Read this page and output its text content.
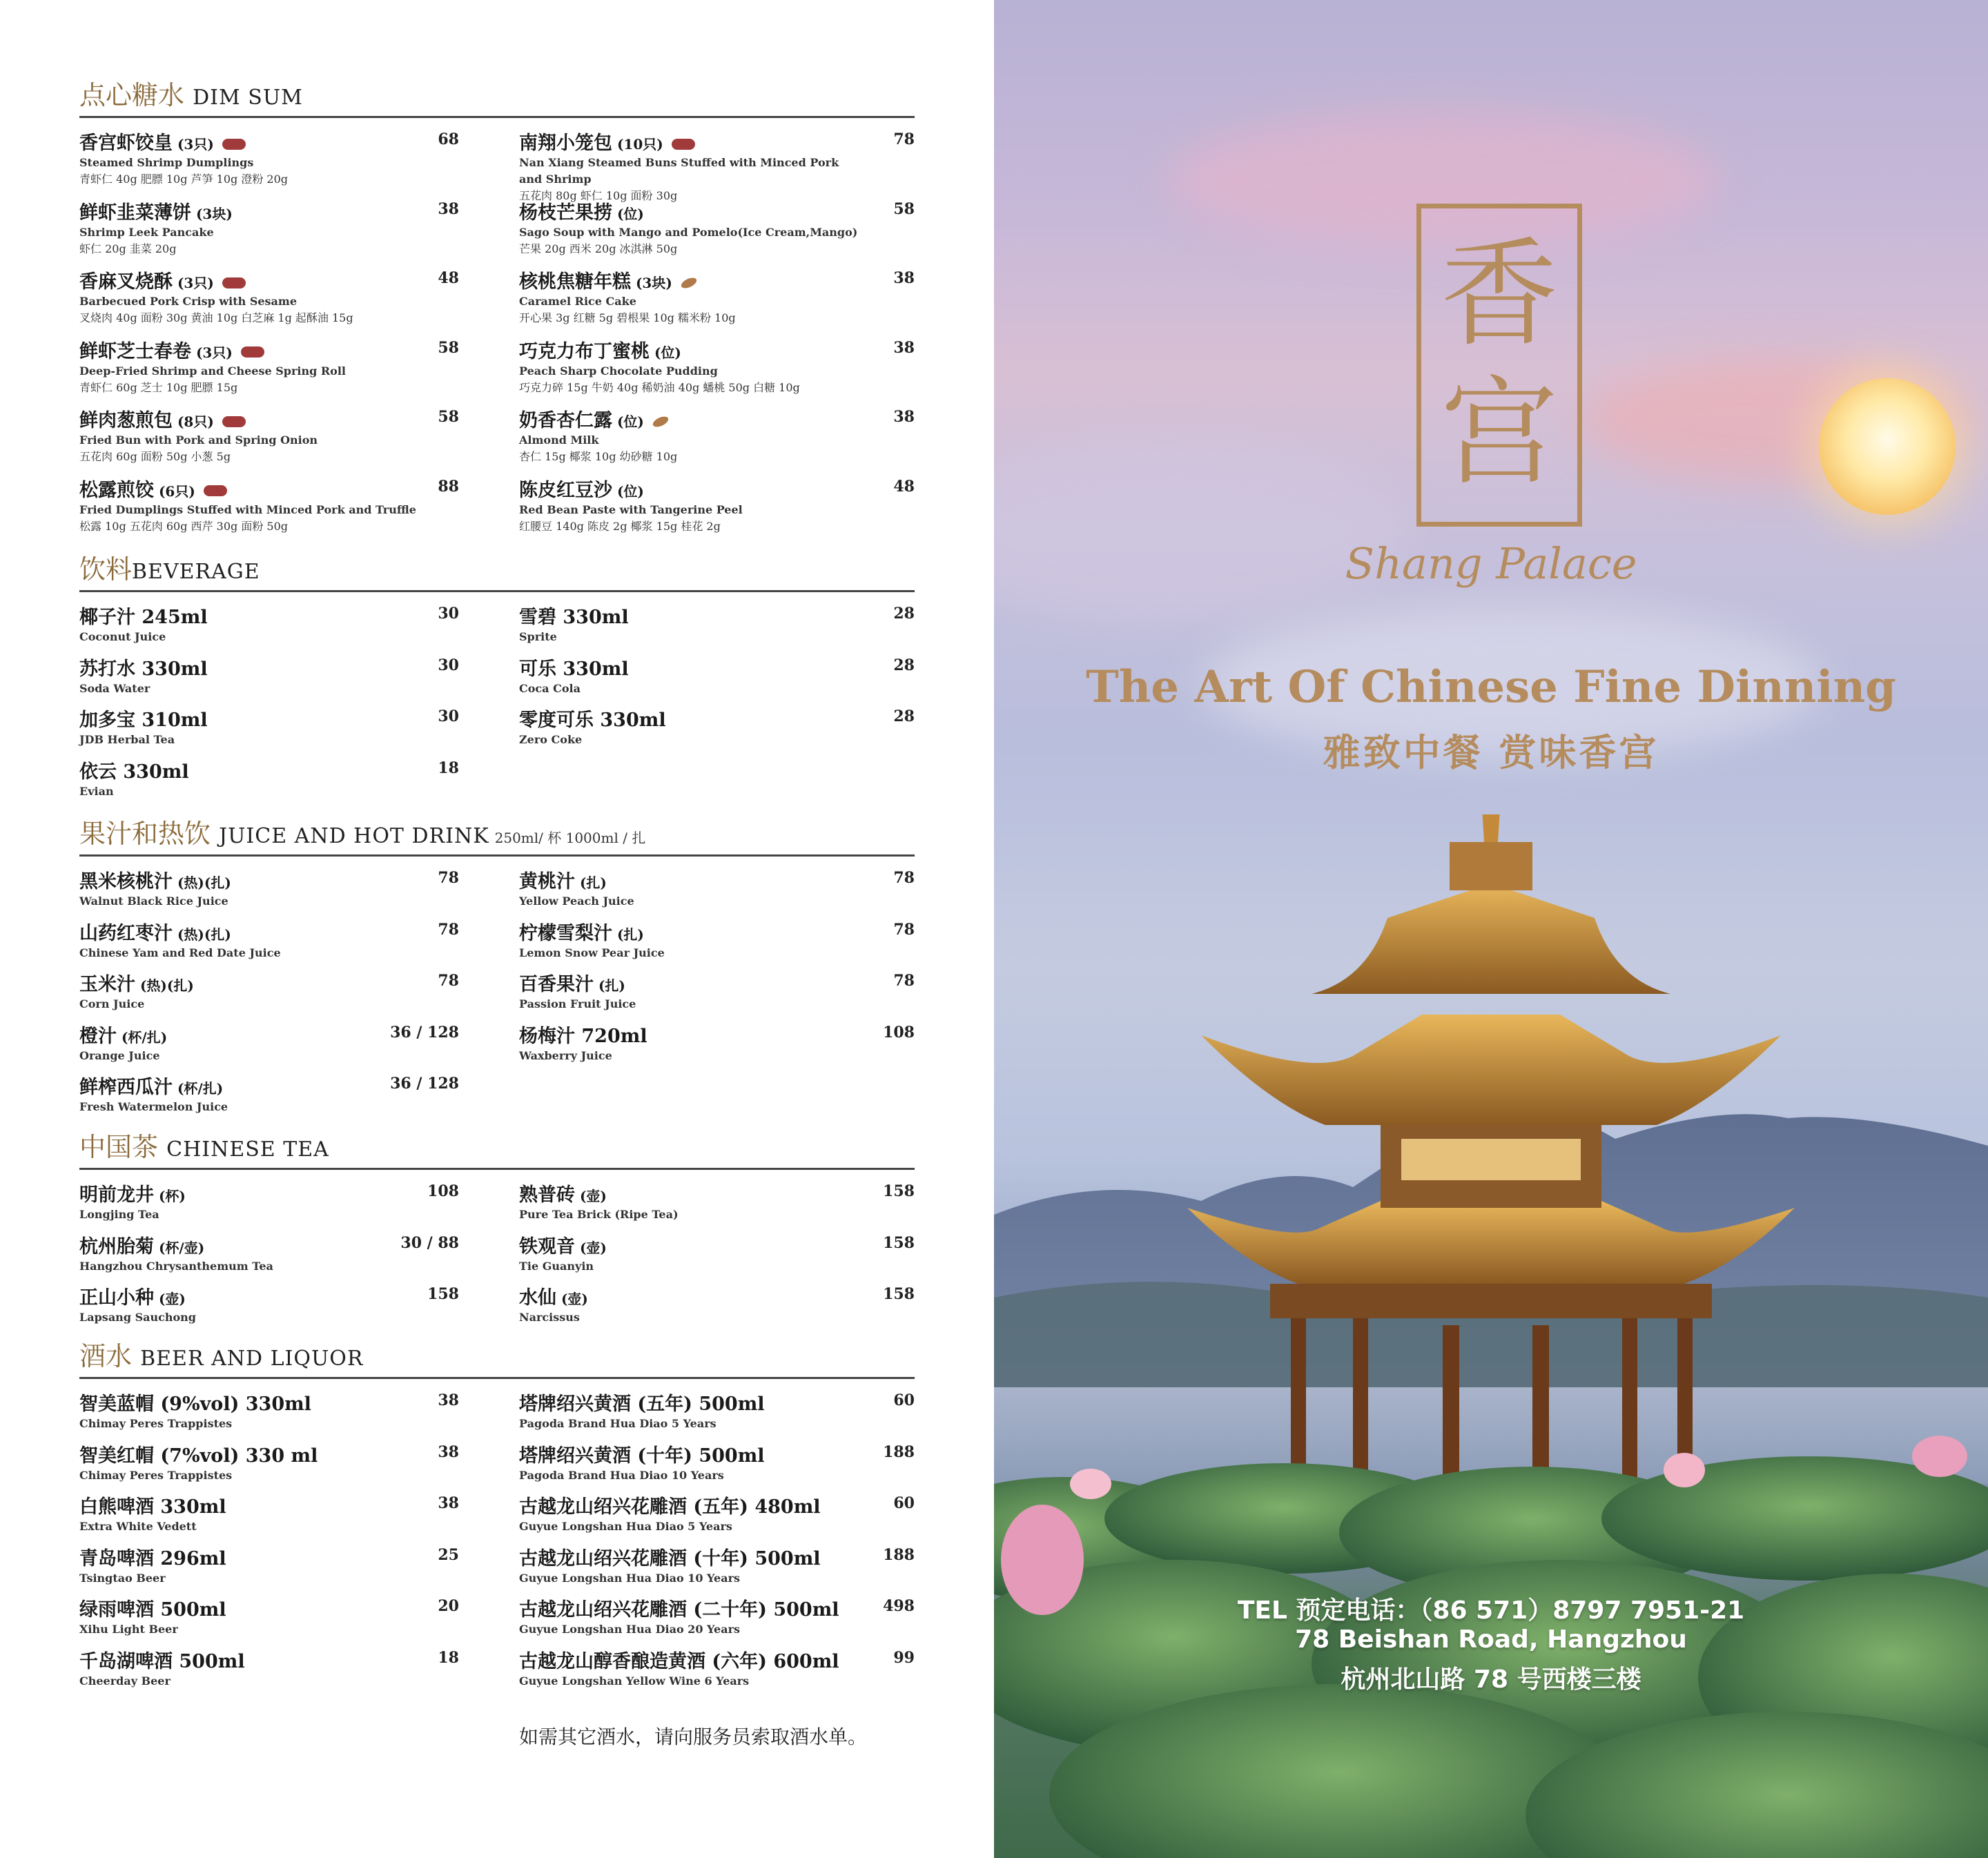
点心糖水 DIM SUM
香宫虾饺皇 (3只)
Steamed Shrimp Dumplings
青虾仁 40g 肥膘 10g 芦笋 10g 澄粉 20g
68
鲜虾韭菜薄饼 (3块)
Shrimp Leek Pancake
虾仁 20g 韭菜 20g
38
香麻叉烧酥 (3只)
Barbecued Pork Crisp with Sesame
叉烧肉 40g 面粉 30g 黄油 10g 白芝麻 1g 起酥油 15g
48
鲜虾芝士春卷 (3只)
Deep-Fried Shrimp and Cheese Spring Roll
青虾仁 60g 芝士 10g 肥膘 15g
58
鲜肉葱煎包 (8只)
Fried Bun with Pork and Spring Onion
五花肉 60g 面粉 50g 小葱 5g
58
松露煎饺 (6只)
Fried Dumplings Stuffed with Minced Pork and Truffle
松露 10g 五花肉 60g 西芹 30g 面粉 50g
88
南翔小笼包 (10只)
Nan Xiang Steamed Buns Stuffed with Minced Pork
and Shrimp
五花肉 80g 虾仁 10g 面粉 30g
78
杨枝芒果捞 (位)
Sago Soup with Mango and Pomelo(Ice Cream,Mango)
芒果 20g 西米 20g 冰淇淋 50g
58
核桃焦糖年糕 (3块)
Caramel Rice Cake
开心果 3g 红糖 5g 碧根果 10g 糯米粉 10g
38
巧克力布丁蜜桃 (位)
Peach Sharp Chocolate Pudding
巧克力碎 15g 牛奶 40g 稀奶油 40g 蟠桃 50g 白糖 10g
38
奶香杏仁露 (位)
Almond Milk
杏仁 15g 椰浆 10g 幼砂糖 10g
38
陈皮红豆沙 (位)
Red Bean Paste with Tangerine Peel
红腰豆 140g 陈皮 2g 椰浆 15g 桂花 2g
48
饮料BEVERAGE
椰子汁 245ml
Coconut Juice
30
苏打水 330ml
Soda Water
30
加多宝 310ml
JDB Herbal Tea
30
依云 330ml
Evian
18
雪碧 330ml
Sprite
28
可乐 330ml
Coca Cola
28
零度可乐 330ml
Zero Coke
28
果汁和热饮 JUICE AND HOT DRINK 250ml/ 杯 1000ml / 扎
黑米核桃汁 (热)(扎)
Walnut Black Rice Juice
78
山药红枣汁 (热)(扎)
Chinese Yam and Red Date Juice
78
玉米汁 (热)(扎)
Corn Juice
78
橙汁 (杯/扎)
Orange Juice
36 / 128
鲜榨西瓜汁 (杯/扎)
Fresh Watermelon Juice
36 / 128
黄桃汁 (扎)
Yellow Peach Juice
78
柠檬雪梨汁 (扎)
Lemon Snow Pear Juice
78
百香果汁 (扎)
Passion Fruit Juice
78
杨梅汁 720ml
Waxberry Juice
108
中国茶 CHINESE TEA
明前龙井 (杯)
Longjing Tea
108
杭州胎菊 (杯/壶)
Hangzhou Chrysanthemum Tea
30 / 88
正山小种 (壶)
Lapsang Sauchong
158
熟普砖 (壶)
Pure Tea Brick (Ripe Tea)
158
铁观音 (壶)
Tie Guanyin
158
水仙 (壶)
Narcissus
158
酒水 BEER AND LIQUOR
智美蓝帽 (9%vol) 330ml
Chimay Peres Trappistes
38
智美红帽 (7%vol) 330 ml
Chimay Peres Trappistes
38
白熊啤酒 330ml
Extra White Vedett
38
青岛啤酒 296ml
Tsingtao Beer
25
绿雨啤酒 500ml
Xihu Light Beer
20
千岛湖啤酒 500ml
Cheerday Beer
18
塔牌绍兴黄酒 (五年) 500ml
Pagoda Brand Hua Diao 5 Years
60
塔牌绍兴黄酒 (十年) 500ml
Pagoda Brand Hua Diao 10 Years
188
古越龙山绍兴花雕酒 (五年) 480ml
Guyue Longshan Hua Diao 5 Years
60
古越龙山绍兴花雕酒 (十年) 500ml
Guyue Longshan Hua Diao 10 Years
188
古越龙山绍兴花雕酒 (二十年) 500ml
Guyue Longshan Hua Diao 20 Years
498
古越龙山醇香酿造黄酒 (六年) 600ml
Guyue Longshan Yellow Wine 6 Years
99
如需其它酒水，请向服务员索取酒水单。
香
宫
Shang Palace
The Art Of Chinese Fine Dinning
雅致中餐 赏味香宫
TEL 预定电话：（86 571）8797 7951-21
78 Beishan Road, Hangzhou
杭州北山路 78 号西楼三楼
